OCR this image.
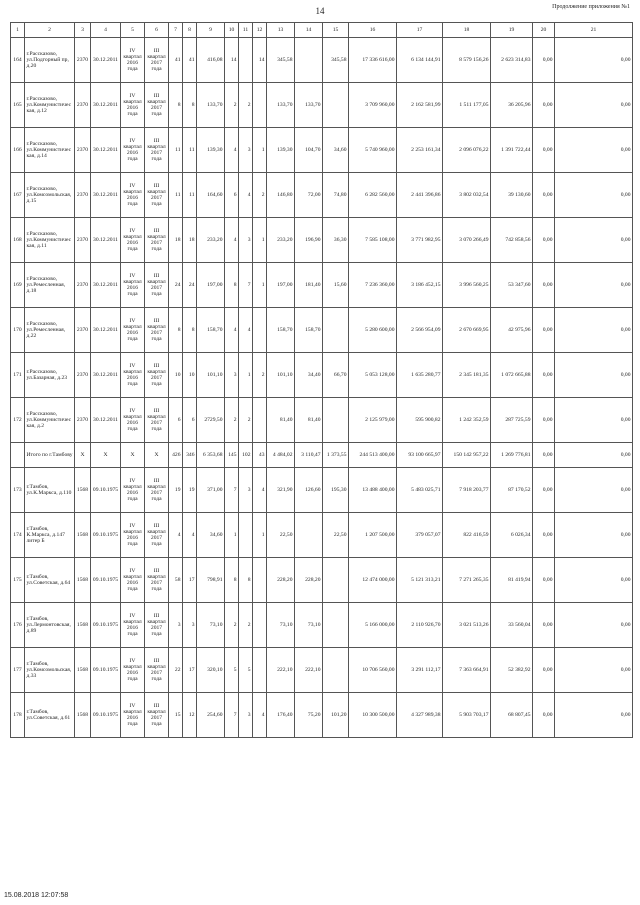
14	Продолжение приложения №1
1	2	3	4	5	6	7	8	9	10	11	12	13	14	15	16	17	18	19	20	21
164	г.Рассказово, ул.Подгорный пр, д.20	2370	30.12.2011	IV квартал 2016 года	III квартал 2017 года	41	41	416,08	14		14	345,58		345,58	17 336 616,00	6 134 144,91	8 579 156,26	2 623 314,83	0,00	0,00
165	г.Рассказово, ул.Коммунистическая, д.12	2370	30.12.2011	IV квартал 2016 года	III квартал 2017 года	8	8	133,70	2	2		133,70	133,70		3 709 960,00	2 162 581,99	1 511 177,05	36 205,96	0,00	0,00
166	г.Рассказово, ул.Коммунистическая, д.14	2370	30.12.2011	IV квартал 2016 года	III квартал 2017 года	11	11	139,30	4	3	1	139,30	104,70	34,60	5 740 960,00	2 253 161,34	2 096 076,22	1 391 722,44	0,00	0,00
167	г.Рассказово, ул.Комсомольская, д.15	2370	30.12.2011	IV квартал 2016 года	III квартал 2017 года	11	11	164,60	6	4	2	146,80	72,00	74,80	6 282 560,00	2 441 396,86	3 802 032,54	39 130,60	0,00	0,00
168	г.Рассказово, ул.Коммунистическая, д.11	2370	30.12.2011	IV квартал 2016 года	III квартал 2017 года	18	18	233,20	4	3	1	233,20	196,90	36,30	7 585 108,00	3 771 982,95	3 070 266,49	742 858,56	0,00	0,00
169	г.Рассказово, ул.Ремесленная, д.18	2370	30.12.2011	IV квартал 2016 года	III квартал 2017 года	24	24	197,00	8	7	1	197,00	181,40	15,60	7 236 360,00	3 186 452,15	3 996 560,25	53 347,60	0,00	0,00
170	г.Рассказово, ул.Ремесленная, д.22	2370	30.12.2011	IV квартал 2016 года	III квартал 2017 года	8	8	158,70	4	4		158,70	158,70		5 280 600,00	2 566 954,09	2 670 669,95	42 975,96	0,00	0,00
171	г.Рассказово, ул.Базарная, д.23	2370	30.12.2011	IV квартал 2016 года	III квартал 2017 года	10	10	101,10	3	1	2	101,10	34,40	66,70	5 053 128,00	1 635 280,77	2 345 181,35	1 072 665,88	0,00	0,00
172	г.Рассказово, ул.Коммунистическая, д.2	2370	30.12.2011	IV квартал 2016 года	III квартал 2017 года	6	6	2729,50	2	2		81,40	81,40		2 125 979,00	595 900,82	1 242 352,59	287 725,59	0,00	0,00
	Итого по г.Тамбову	X	X	X	X	426	346	6 353,68	145	102	43	4 484,02	3 110,47	1 373,55	244 513 400,00	93 100 665,97	150 142 957,22	1 269 776,81	0,00	0,00
173	г.Тамбов, ул.К.Маркса, д.110	1568	09.10.1975	IV квартал 2016 года	III квартал 2017 года	19	19	371,00	7	3	4	321,90	126,60	195,30	13 488 400,00	5 483 025,71	7 918 203,77	87 170,52	0,00	0,00
174	г.Тамбов, К.Маркса, д.147 литер Б	1568	09.10.1975	IV квартал 2016 года	III квартал 2017 года	4	4	34,60	1		1	22,50		22,50	1 207 500,00	379 057,07	822 416,59	6 026,34	0,00	0,00
175	г.Тамбов, ул.Советская, д.64	1568	09.10.1975	IV квартал 2016 года	III квартал 2017 года	58	17	798,91	8	8		228,20	228,20		12 474 000,00	5 121 313,21	7 271 265,35	81 419,94	0,00	0,00
176	г.Тамбов, ул.Лермонтовская, д.89	1568	09.10.1975	IV квартал 2016 года	III квартал 2017 года	3	3	73,10	2	2		73,10	73,10		5 166 000,00	2 110 926,70	3 021 513,26	33 560,04	0,00	0,00
177	г.Тамбов, ул.Комсомольская, д.33	1568	09.10.1975	IV квартал 2016 года	III квартал 2017 года	22	17	320,10	5	5		222,10	222,10		10 706 560,00	3 291 112,17	7 363 664,91	52 382,92	0,00	0,00
178	г.Тамбов, ул.Советская, д.61	1568	09.10.1975	IV квартал 2016 года	III квартал 2017 года	15	12	254,60	7	3	4	176,40	75,20	101,20	10 300 500,00	4 327 989,38	5 903 703,17	68 807,45	0,00	0,00
15.08.2018 12:07:58
